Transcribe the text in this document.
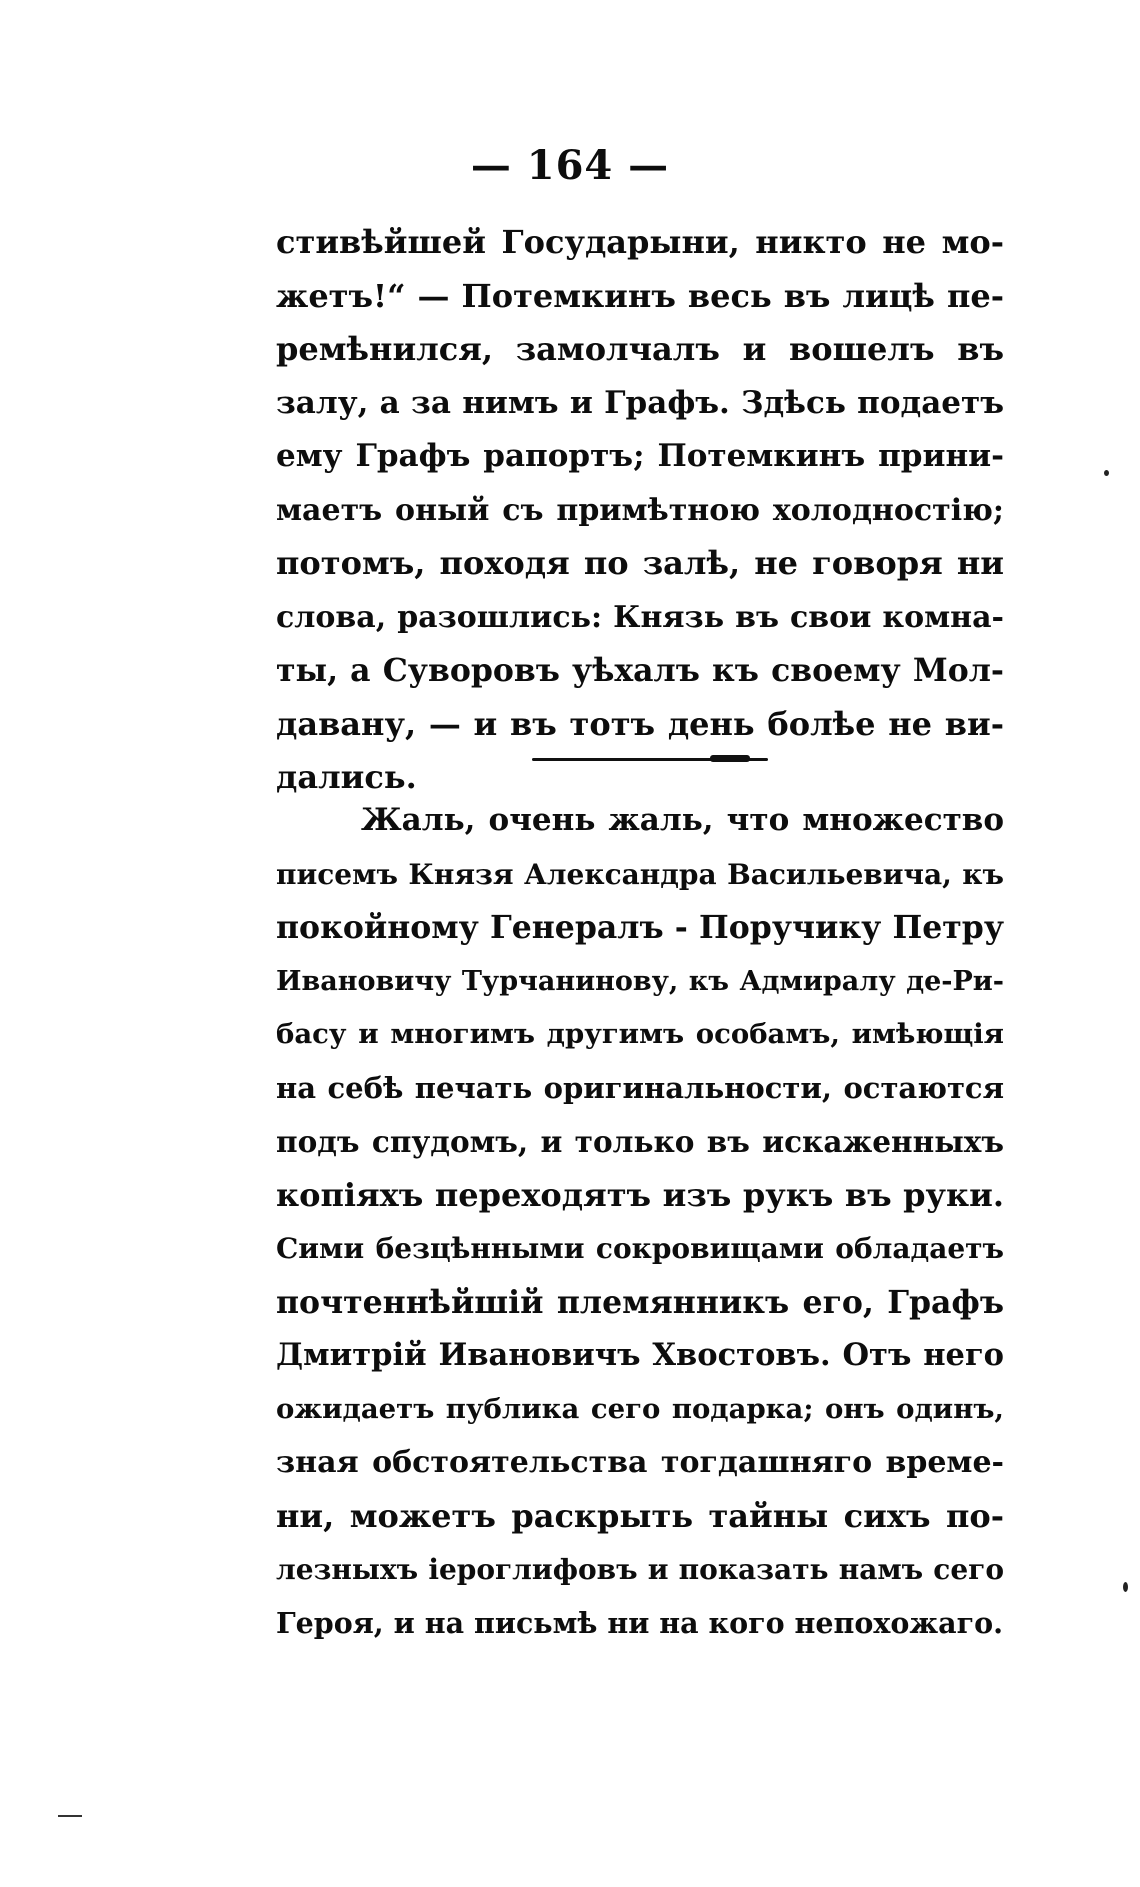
— 164 —
стивѣйшей Государыни, никто не мо-
жетъ!“ — Потемкинъ весь въ лицѣ пе-
ремѣнился, замолчалъ и вошелъ въ
залу, а за нимъ и Графъ. Здѣсь подаетъ
ему Графъ рапортъ; Потемкинъ прини-
маетъ оный съ примѣтною холодностію;
потомъ, походя по залѣ, не говоря ни
слова, разошлись: Князь въ свои комна-
ты, а Суворовъ уѣхалъ къ своему Мол-
давану, — и въ тотъ день болѣе не ви-
дались.
Жаль, очень жаль, что множество
писемъ Князя Александра Васильевича, къ
покойному Генералъ - Поручику Петру
Ивановичу Турчанинову, къ Адмиралу де-Ри-
басу и многимъ другимъ особамъ, имѣющія
на себѣ печать оригинальности, остаются
подъ спудомъ, и только въ искаженныхъ
копіяхъ переходятъ изъ рукъ въ руки.
Сими безцѣнными сокровищами обладаетъ
почтеннѣйшій племянникъ его, Графъ
Дмитрій Ивановичъ Хвостовъ. Отъ него
ожидаетъ публика сего подарка; онъ одинъ,
зная обстоятельства тогдашняго време-
ни, можетъ раскрыть тайны сихъ по-
лезныхъ іероглифовъ и показать намъ сего
Героя, и на письмѣ ни на кого непохожаго.
